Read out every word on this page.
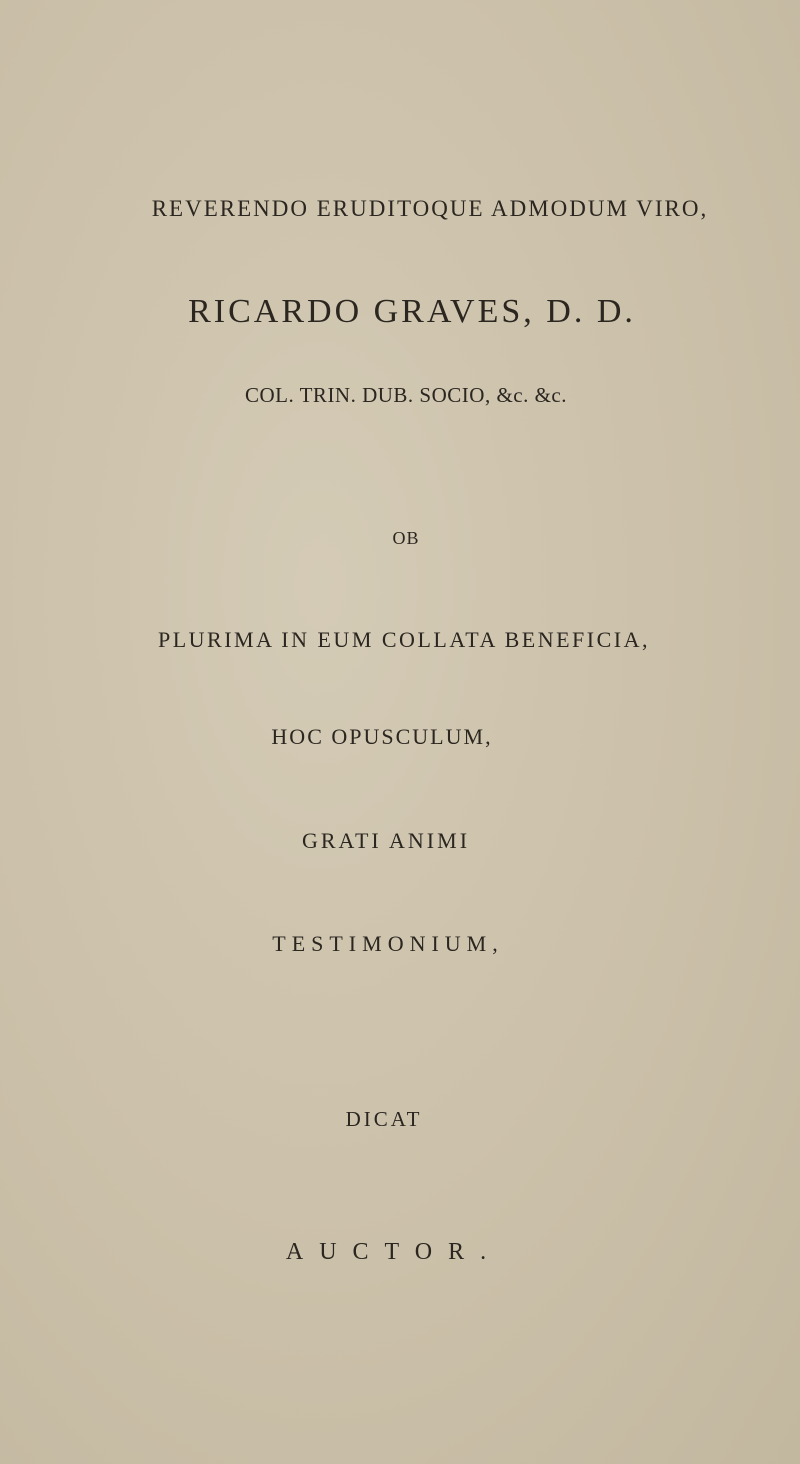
REVERENDO ERUDITOQUE ADMODUM VIRO,
RICARDO GRAVES, D. D.
COL. TRIN. DUB. SOCIO, &c. &c.
OB
PLURIMA IN EUM COLLATA BENEFICIA,
HOC OPUSCULUM,
GRATI ANIMI
TESTIMONIUM,
DICAT
AUCTOR.
